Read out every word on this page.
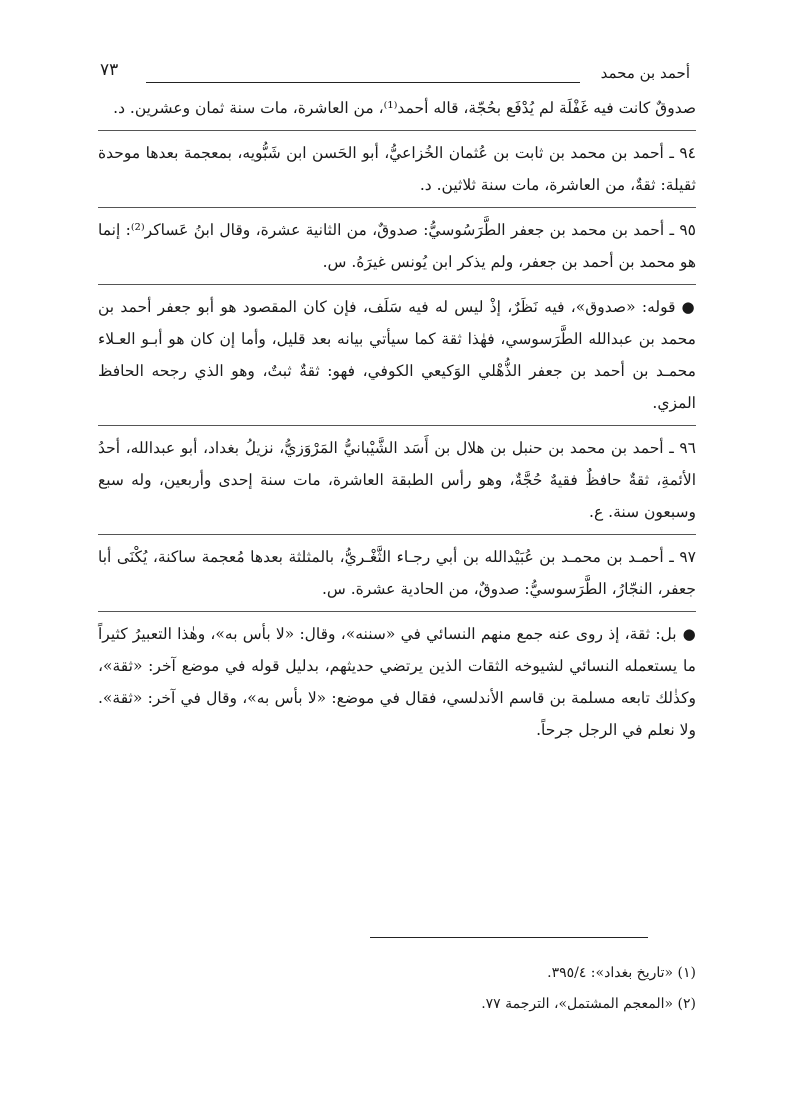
أحمد بن محمد
٧٣

صدوقٌ كانت فيه غَفْلَة لم يُدْفَع بحُجّة، قاله أحمد⁽¹⁾، من العاشرة، مات سنة ثمان وعشرين. د.

٩٤ ـ أحمد بن محمد بن ثابت بن عُثمان الخُزاعيُّ، أبو الحَسن ابن شَبُّويه، بمعجمة بعدها موحدة ثقيلة: ثقةٌ، من العاشرة، مات سنة ثلاثين. د.

٩٥ ـ أحمد بن محمد بن جعفر الطَّرَسُوسيُّ: صدوقٌ، من الثانية عشرة، وقال ابنُ عَساكر⁽²⁾: إنما هو محمد بن أحمد بن جعفر، ولم يذكر ابن يُونس غيرَهُ. س.

●قوله: «صدوق»، فيه نَظَرٌ، إذْ ليس له فيه سَلَف، فإن كان المقصود هو أبو جعفر أحمد بن محمد بن عبدالله الطَّرَسوسي، فهٰذا ثقة كما سيأتي بيانه بعد قليل، وأما إن كان هو أبـو العـلاء محمـد بن أحمد بن جعفر الذُّهْلي الوَكيعي الكوفي، فهو: ثقةٌ ثبتٌ، وهو الذي رجحه الحافظ المزي.

٩٦ ـ أحمد بن محمد بن حنبل بن هلال بن أَسَد الشَّيْبانيُّ المَرْوَزيُّ، نزيلُ بغداد، أبو عبدالله، أحدُ الأئمةِ، ثقةٌ حافظٌ فقيهٌ حُجَّةٌ، وهو رأس الطبقة العاشرة، مات سنة إحدى وأربعين، وله سبع وسبعون سنة. ع.

٩٧ ـ أحمـد بن محمـد بن عُبَيْدالله بن أبي رجـاء الثَّغْـريُّ، بالمثلثة بعدها مُعجمة ساكنة، يُكْنَى أبا جعفر، النجّارُ، الطَّرَسوسيُّ: صدوقٌ، من الحادية عشرة. س.

●بل: ثقة، إذ روى عنه جمع منهم النسائي في «سننه»، وقال: «لا بأس به»، وهٰذا التعبيرُ كثيراً ما يستعمله النسائي لشيوخه الثقات الذين يرتضي حديثهم، بدليل قوله في موضع آخر: «ثقة»، وكذٰلك تابعه مسلمة بن قاسم الأندلسي، فقال في موضع: «لا بأس به»، وقال في آخر: «ثقة». ولا نعلم في الرجل جرحاً.

(١) «تاريخ بغداد»: ٣٩٥/٤.

(٢) «المعجم المشتمل»، الترجمة ٧٧.
